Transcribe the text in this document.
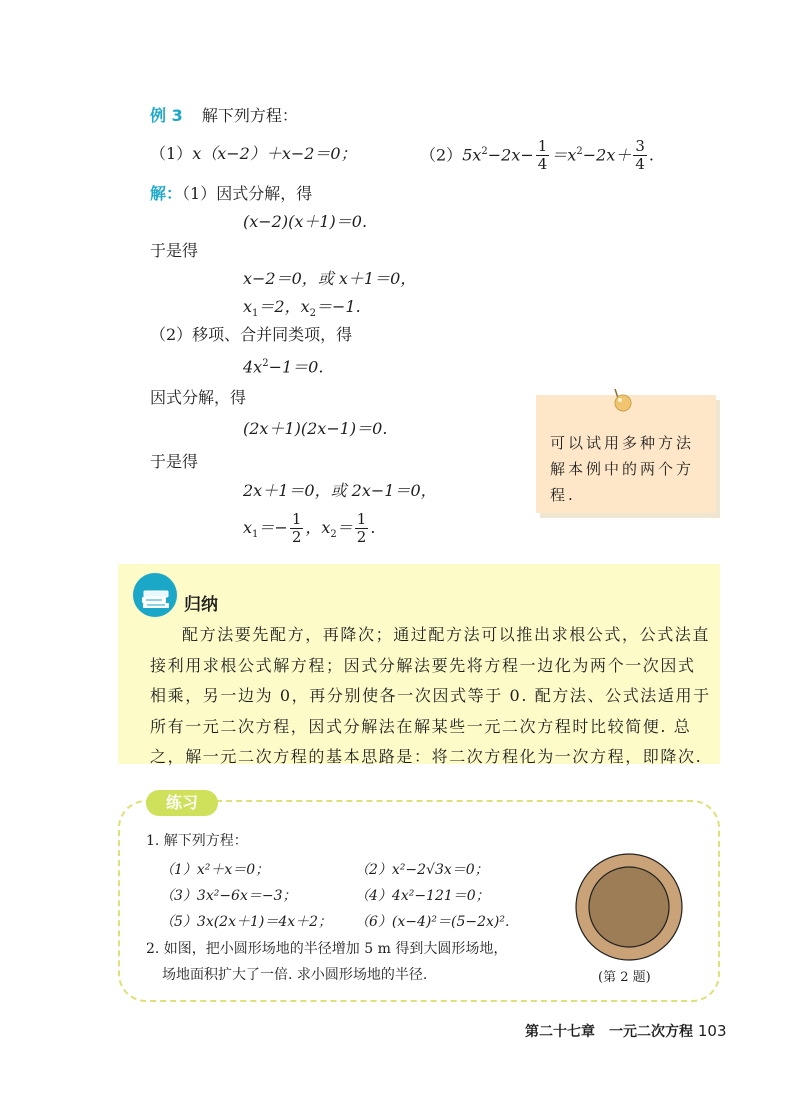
例 3 解下列方程：
（1）x（x−2）＋x−2＝0；	$(2)5x^2-2x- \frac{1}{4} =x^2-2x+ \frac{3}{4}$ .
解：（1）因式分解，得
(x−2)(x＋1)＝0.
于是得
x−2＝0，或 x＋1＝0，
$x_1=2$，$x_2=-1$.
（2）移项、合并同类项，得
$4x^2-1=0$.
因式分解，得
(2x＋1)(2x−1)＝0.
于是得
2x＋1＝0，或 2x−1＝0，
$x_1=- \frac{1}{2}$ ，$x_2= \frac{1}{2}$ .
可以试用多种方法解本例中的两个方程.
归纳
配方法要先配方，再降次；通过配方法可以推出求根公式，公式法直接利用求根公式解方程；因式分解法要先将方程一边化为两个一次因式相乘，另一边为 0，再分别使各一次因式等于 0. 配方法、公式法适用于所有一元二次方程，因式分解法在解某些一元二次方程时比较简便. 总之，解一元二次方程的基本思路是：将二次方程化为一次方程，即降次.
练习
1. 解下列方程：
（1）x²＋x＝0；	（2）x²−2√3x＝0；
（3）3x²−6x＝−3；	（4）4x²−121＝0；
（5）3x(2x＋1)＝4x＋2； （6）(x−4)²＝(5−2x)².
2. 如图，把小圆形场地的半径增加 5 m 得到大圆形场地，
场地面积扩大了一倍. 求小圆形场地的半径.	(第 2 题)
第二十七章　一元二次方程 103
